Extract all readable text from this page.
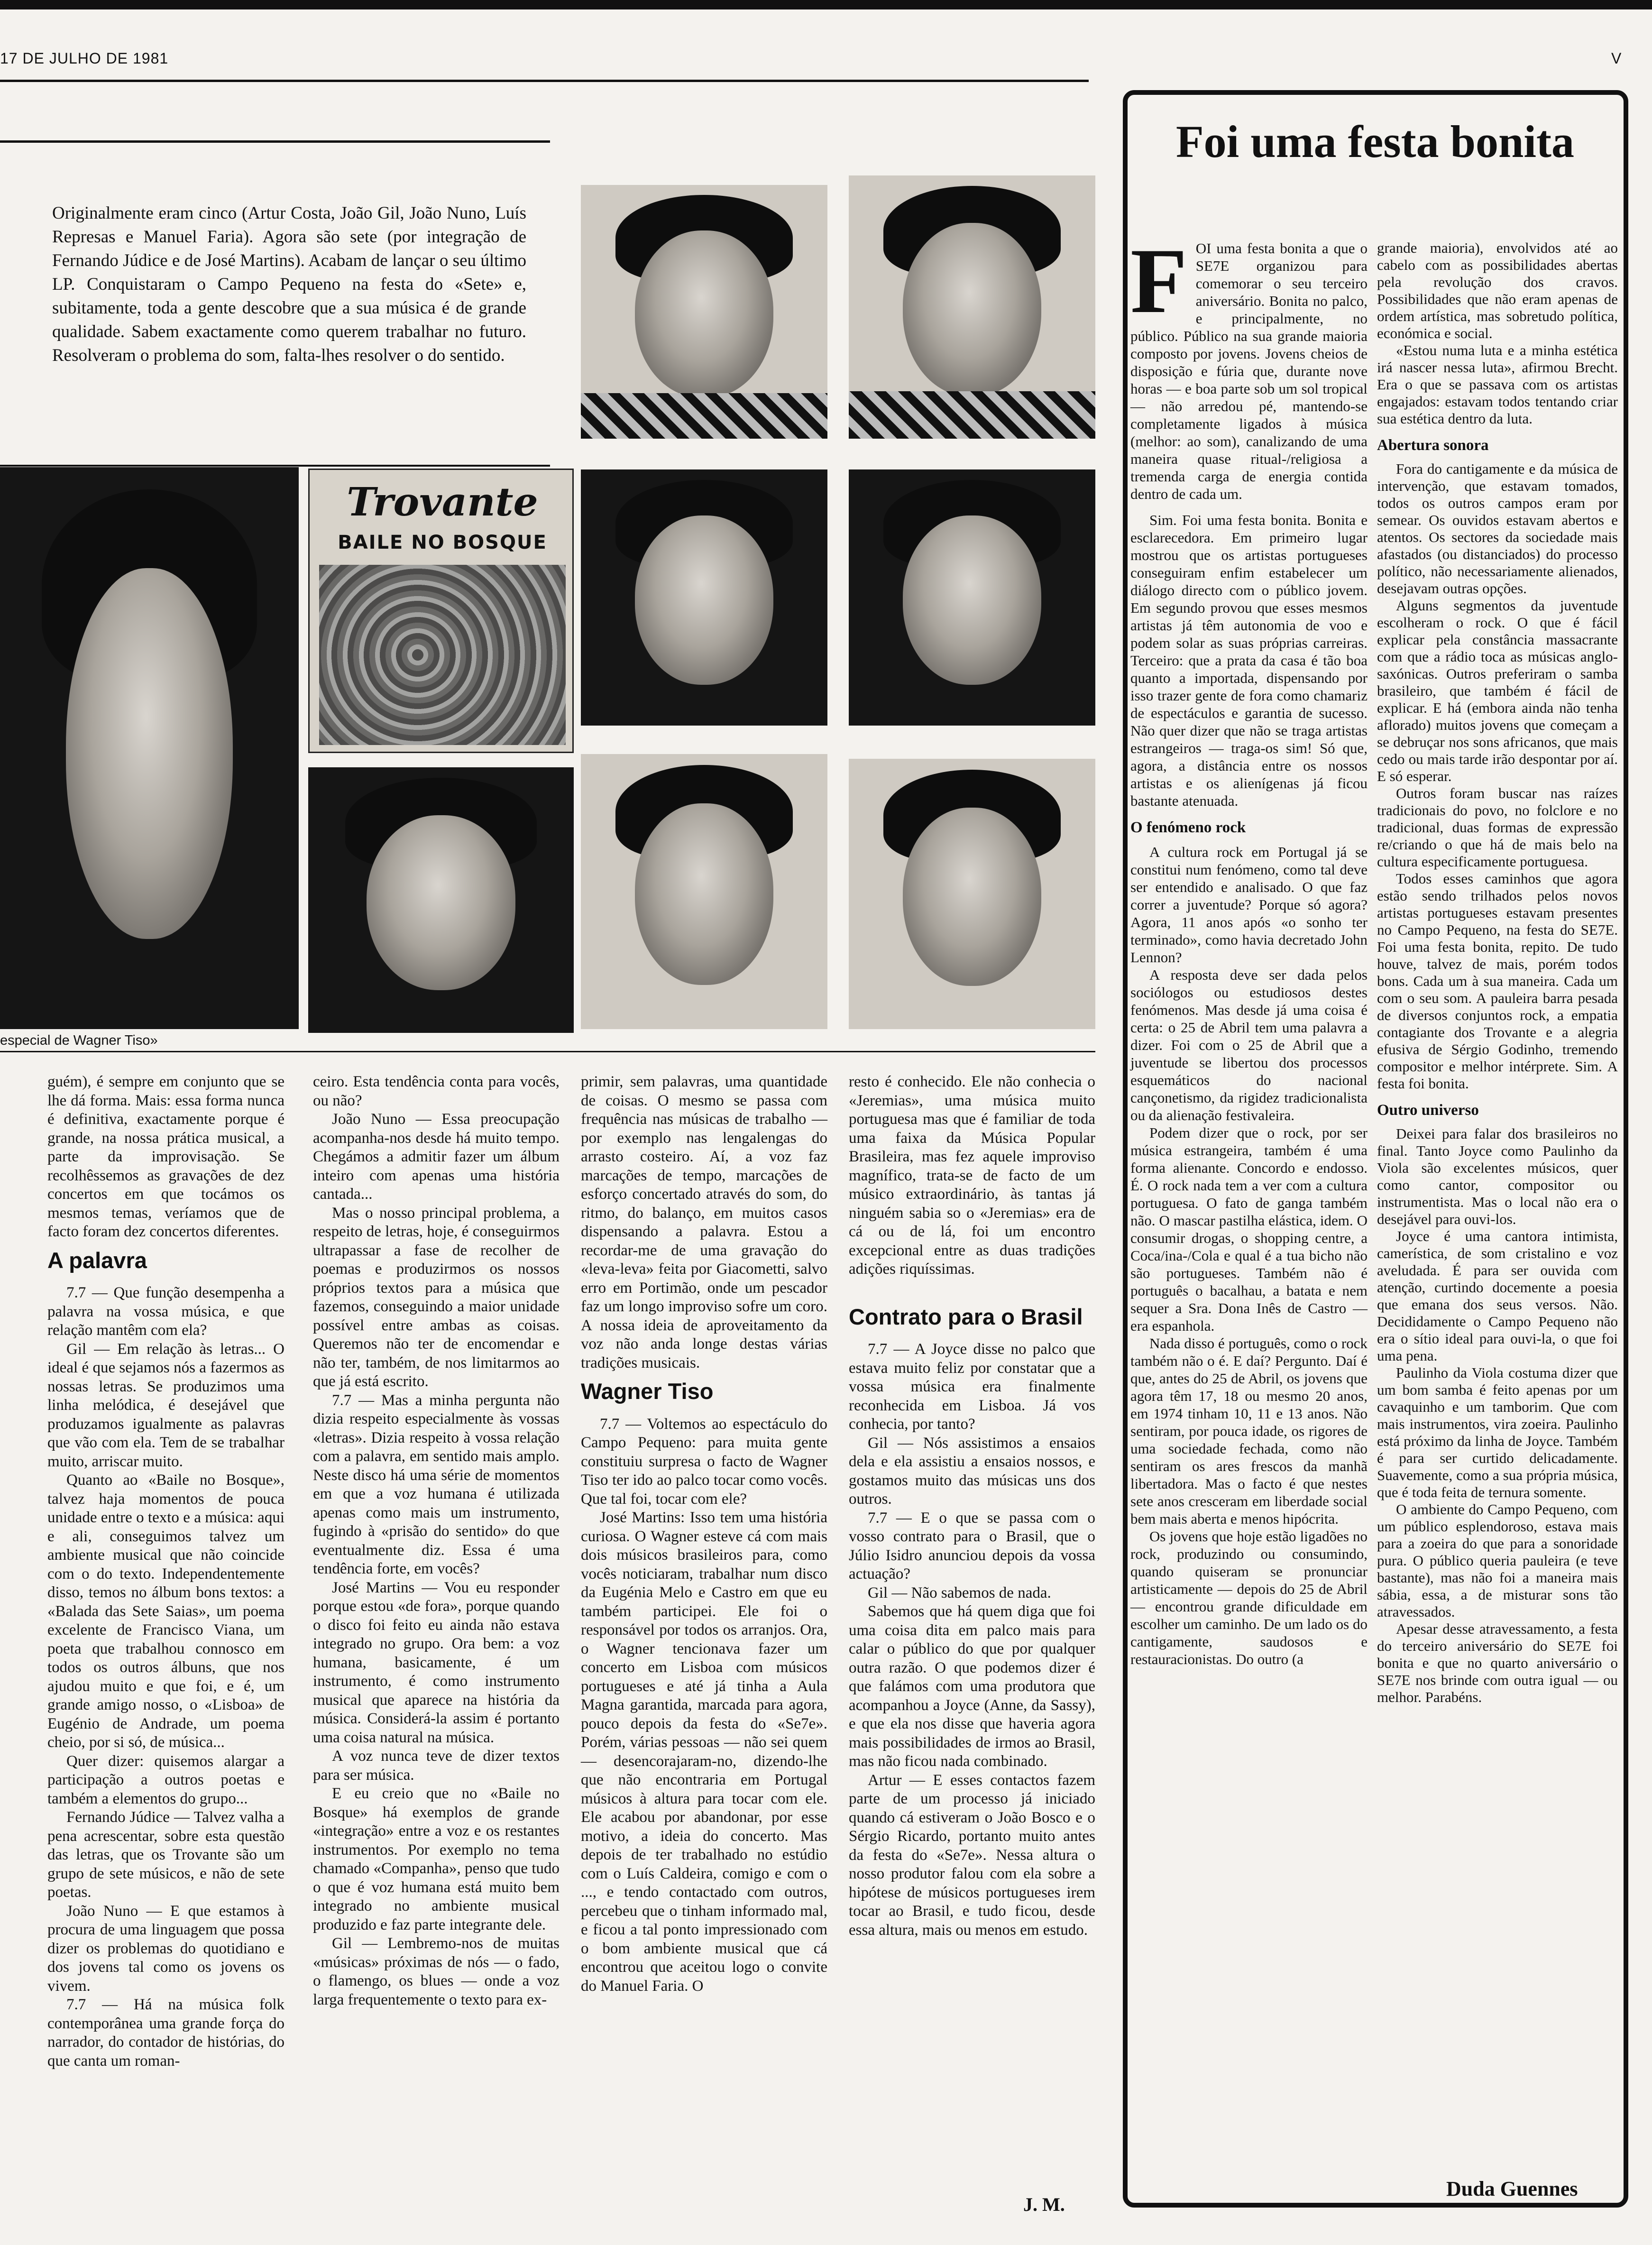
17 DE JULHO DE 1981	V

Originalmente eram cinco (Artur Costa, João Gil, João Nuno, Luís Represas e Manuel Faria). Agora são sete (por integração de Fernando Júdice e de José Martins). Acabam de lançar o seu último LP. Conquistaram o Campo Pequeno na festa do «Sete» e, subitamente, toda a gente descobre que a sua música é de grande qualidade. Sabem exactamente como querem trabalhar no futuro. Resolveram o problema do som, falta-lhes resolver o do sentido.

Trovante
BAILE NO BOSQUE
especial de Wagner Tiso»

guém), é sempre em conjunto que se lhe dá forma. Mais: essa forma nunca é definitiva, exactamente porque é grande, na nossa prática musical, a parte da improvisação. Se recolhêssemos as gravações de dez concertos em que tocámos os mesmos temas, veríamos que de facto foram dez concertos diferentes.

A palavra

7.7 — Que função desempenha a palavra na vossa música, e que relação mantêm com ela?

Gil — Em relação às letras... O ideal é que sejamos nós a fazermos as nossas letras. Se produzimos uma linha melódica, é desejável que produzamos igualmente as palavras que vão com ela. Tem de se trabalhar muito, arriscar muito.

Quanto ao «Baile no Bosque», talvez haja momentos de pouca unidade entre o texto e a música: aqui e ali, conseguimos talvez um ambiente musical que não coincide com o do texto. Independentemente disso, temos no álbum bons textos: a «Balada das Sete Saias», um poema excelente de Francisco Viana, um poeta que trabalhou connosco em todos os outros álbuns, que nos ajudou muito e que foi, e é, um grande amigo nosso, o «Lisboa» de Eugénio de Andrade, um poema cheio, por si só, de música...

Quer dizer: quisemos alargar a participação a outros poetas e também a elementos do grupo...

Fernando Júdice — Talvez valha a pena acrescentar, sobre esta questão das letras, que os Trovante são um grupo de sete músicos, e não de sete poetas.

João Nuno — E que estamos à procura de uma linguagem que possa dizer os problemas do quotidiano e dos jovens tal como os jovens os vivem.

7.7 — Há na música folk contemporânea uma grande força do narrador, do contador de histórias, do que canta um roman-

ceiro. Esta tendência conta para vocês, ou não?

João Nuno — Essa preocupação acompanha-nos desde há muito tempo. Chegámos a admitir fazer um álbum inteiro com apenas uma história cantada...

Mas o nosso principal problema, a respeito de letras, hoje, é conseguirmos ultrapassar a fase de recolher de poemas e produzirmos os nossos próprios textos para a música que fazemos, conseguindo a maior unidade possível entre ambas as coisas. Queremos não ter de encomendar e não ter, também, de nos limitarmos ao que já está escrito.

7.7 — Mas a minha pergunta não dizia respeito especialmente às vossas «letras». Dizia respeito à vossa relação com a palavra, em sentido mais amplo. Neste disco há uma série de momentos em que a voz humana é utilizada apenas como mais um instrumento, fugindo à «prisão do sentido» do que eventualmente diz. Essa é uma tendência forte, em vocês?

José Martins — Vou eu responder porque estou «de fora», porque quando o disco foi feito eu ainda não estava integrado no grupo. Ora bem: a voz humana, basicamente, é um instrumento, é como instrumento musical que aparece na história da música. Considerá-la assim é portanto uma coisa natural na música.

A voz nunca teve de dizer textos para ser música.

E eu creio que no «Baile no Bosque» há exemplos de grande «integração» entre a voz e os restantes instrumentos. Por exemplo no tema chamado «Companha», penso que tudo o que é voz humana está muito bem integrado no ambiente musical produzido e faz parte integrante dele.

Gil — Lembremo-nos de muitas «músicas» próximas de nós — o fado, o flamengo, os blues — onde a voz larga frequentemente o texto para ex-

primir, sem palavras, uma quantidade de coisas. O mesmo se passa com frequência nas músicas de trabalho — por exemplo nas lengalengas do arrasto costeiro. Aí, a voz faz marcações de tempo, marcações de esforço concertado através do som, do ritmo, do balanço, em muitos casos dispensando a palavra. Estou a recordar-me de uma gravação do «leva-leva» feita por Giacometti, salvo erro em Portimão, onde um pescador faz um longo improviso sofre um coro. A nossa ideia de aproveitamento da voz não anda longe destas várias tradições musicais.

Wagner Tiso

7.7 — Voltemos ao espectáculo do Campo Pequeno: para muita gente constituiu surpresa o facto de Wagner Tiso ter ido ao palco tocar como vocês. Que tal foi, tocar com ele?

José Martins: Isso tem uma história curiosa. O Wagner esteve cá com mais dois músicos brasileiros para, como vocês noticiaram, trabalhar num disco da Eugénia Melo e Castro em que eu também participei. Ele foi o responsável por todos os arranjos. Ora, o Wagner tencionava fazer um concerto em Lisboa com músicos portugueses e até já tinha a Aula Magna garantida, marcada para agora, pouco depois da festa do «Se7e». Porém, várias pessoas — não sei quem — desencorajaram-no, dizendo-lhe que não encontraria em Portugal músicos à altura para tocar com ele. Ele acabou por abandonar, por esse motivo, a ideia do concerto. Mas depois de ter trabalhado no estúdio com o Luís Caldeira, comigo e com o ..., e tendo contactado com outros, percebeu que o tinham informado mal, e ficou a tal ponto impressionado com o bom ambiente musical que cá encontrou que aceitou logo o convite do Manuel Faria. O

resto é conhecido. Ele não conhecia o «Jeremias», uma música muito portuguesa mas que é familiar de toda uma faixa da Música Popular Brasileira, mas fez aquele improviso magnífico, trata-se de facto de um músico extraordinário, às tantas já ninguém sabia so o «Jeremias» era de cá ou de lá, foi um encontro excepcional entre as duas tradições adições riquíssimas.

Contrato para o Brasil

7.7 — A Joyce disse no palco que estava muito feliz por constatar que a vossa música era finalmente reconhecida em Lisboa. Já vos conhecia, por tanto?

Gil — Nós assistimos a ensaios dela e ela assistiu a ensaios nossos, e gostamos muito das músicas uns dos outros.

7.7 — E o que se passa com o vosso contrato para o Brasil, que o Júlio Isidro anunciou depois da vossa actuação?

Gil — Não sabemos de nada.

Sabemos que há quem diga que foi uma coisa dita em palco mais para calar o público do que por qualquer outra razão. O que podemos dizer é que falámos com uma produtora que acompanhou a Joyce (Anne, da Sassy), e que ela nos disse que haveria agora mais possibilidades de irmos ao Brasil, mas não ficou nada combinado.

Artur — E esses contactos fazem parte de um processo já iniciado quando cá estiveram o João Bosco e o Sérgio Ricardo, portanto muito antes da festa do «Se7e». Nessa altura o nosso produtor falou com ela sobre a hipótese de músicos portugueses irem tocar ao Brasil, e tudo ficou, desde essa altura, mais ou menos em estudo.

J. M.
Foi uma festa bonita

FOI uma festa bonita a que o SE7E organizou para comemorar o seu terceiro aniversário. Bonita no palco, e principalmente, no público. Público na sua grande maioria composto por jovens. Jovens cheios de disposição e fúria que, durante nove horas — e boa parte sob um sol tropical — não arredou pé, mantendo-se completamente ligados à música (melhor: ao som), canalizando de uma maneira quase ritual-/religiosa a tremenda carga de energia contida dentro de cada um.

Sim. Foi uma festa bonita. Bonita e esclarecedora. Em primeiro lugar mostrou que os artistas portugueses conseguiram enfim estabelecer um diálogo directo com o público jovem. Em segundo provou que esses mesmos artistas já têm autonomia de voo e podem solar as suas próprias carreiras. Terceiro: que a prata da casa é tão boa quanto a importada, dispensando por isso trazer gente de fora como chamariz de espectáculos e garantia de sucesso. Não quer dizer que não se traga artistas estrangeiros — traga-os sim! Só que, agora, a distância entre os nossos artistas e os alienígenas já ficou bastante atenuada.

O fenómeno rock

A cultura rock em Portugal já se constitui num fenómeno, como tal deve ser entendido e analisado. O que faz correr a juventude? Porque só agora? Agora, 11 anos após «o sonho ter terminado», como havia decretado John Lennon?

A resposta deve ser dada pelos sociólogos ou estudiosos destes fenómenos. Mas desde já uma coisa é certa: o 25 de Abril tem uma palavra a dizer. Foi com o 25 de Abril que a juventude se libertou dos processos esquemáticos do nacional cançonetismo, da rigidez tradicionalista ou da alienação festivaleira.

Podem dizer que o rock, por ser música estrangeira, também é uma forma alienante. Concordo e endosso. É. O rock nada tem a ver com a cultura portuguesa. O fato de ganga também não. O mascar pastilha elástica, idem. O consumir drogas, o shopping centre, a Coca/ina-/Cola e qual é a tua bicho não são portugueses. Também não é português o bacalhau, a batata e nem sequer a Sra. Dona Inês de Castro — era espanhola.

Nada disso é português, como o rock também não o é. E daí? Pergunto. Daí é que, antes do 25 de Abril, os jovens que agora têm 17, 18 ou mesmo 20 anos, em 1974 tinham 10, 11 e 13 anos. Não sentiram, por pouca idade, os rigores de uma sociedade fechada, como não sentiram os ares frescos da manhã libertadora. Mas o facto é que nestes sete anos cresceram em liberdade social bem mais aberta e menos hipócrita.

Os jovens que hoje estão ligadões no rock, produzindo ou consumindo, quando quiseram se pronunciar artisticamente — depois do 25 de Abril — encontrou grande dificuldade em escolher um caminho. De um lado os do cantigamente, saudosos e restauracionistas. Do outro (a

grande maioria), envolvidos até ao cabelo com as possibilidades abertas pela revolução dos cravos. Possibilidades que não eram apenas de ordem artística, mas sobretudo política, económica e social.

«Estou numa luta e a minha estética irá nascer nessa luta», afirmou Brecht. Era o que se passava com os artistas engajados: estavam todos tentando criar sua estética dentro da luta.

Abertura sonora

Fora do cantigamente e da música de intervenção, que estavam tomados, todos os outros campos eram por semear. Os ouvidos estavam abertos e atentos. Os sectores da sociedade mais afastados (ou distanciados) do processo político, não necessariamente alienados, desejavam outras opções.

Alguns segmentos da juventude escolheram o rock. O que é fácil explicar pela constância massacrante com que a rádio toca as músicas anglo-saxónicas. Outros preferiram o samba brasileiro, que também é fácil de explicar. E há (embora ainda não tenha aflorado) muitos jovens que começam a se debruçar nos sons africanos, que mais cedo ou mais tarde irão despontar por aí. E só esperar.

Outros foram buscar nas raízes tradicionais do povo, no folclore e no tradicional, duas formas de expressão re/criando o que há de mais belo na cultura especificamente portuguesa.

Todos esses caminhos que agora estão sendo trilhados pelos novos artistas portugueses estavam presentes no Campo Pequeno, na festa do SE7E. Foi uma festa bonita, repito. De tudo houve, talvez de mais, porém todos bons. Cada um à sua maneira. Cada um com o seu som. A pauleira barra pesada de diversos conjuntos rock, a empatia contagiante dos Trovante e a alegria efusiva de Sérgio Godinho, tremendo compositor e melhor intérprete. Sim. A festa foi bonita.

Outro universo

Deixei para falar dos brasileiros no final. Tanto Joyce como Paulinho da Viola são excelentes músicos, quer como cantor, compositor ou instrumentista. Mas o local não era o desejável para ouvi-los.

Joyce é uma cantora intimista, camerística, de som cristalino e voz aveludada. É para ser ouvida com atenção, curtindo docemente a poesia que emana dos seus versos. Não. Decididamente o Campo Pequeno não era o sítio ideal para ouvi-la, o que foi uma pena.

Paulinho da Viola costuma dizer que um bom samba é feito apenas por um cavaquinho e um tamborim. Que com mais instrumentos, vira zoeira. Paulinho está próximo da linha de Joyce. Também é para ser curtido delicadamente. Suavemente, como a sua própria música, que é toda feita de ternura somente.

O ambiente do Campo Pequeno, com um público esplendoroso, estava mais para a zoeira do que para a sonoridade pura. O público queria pauleira (e teve bastante), mas não foi a maneira mais sábia, essa, a de misturar sons tão atravessados.

Apesar desse atravessamento, a festa do terceiro aniversário do SE7E foi bonita e que no quarto aniversário o SE7E nos brinde com outra igual — ou melhor. Parabéns.

Duda Guennes
